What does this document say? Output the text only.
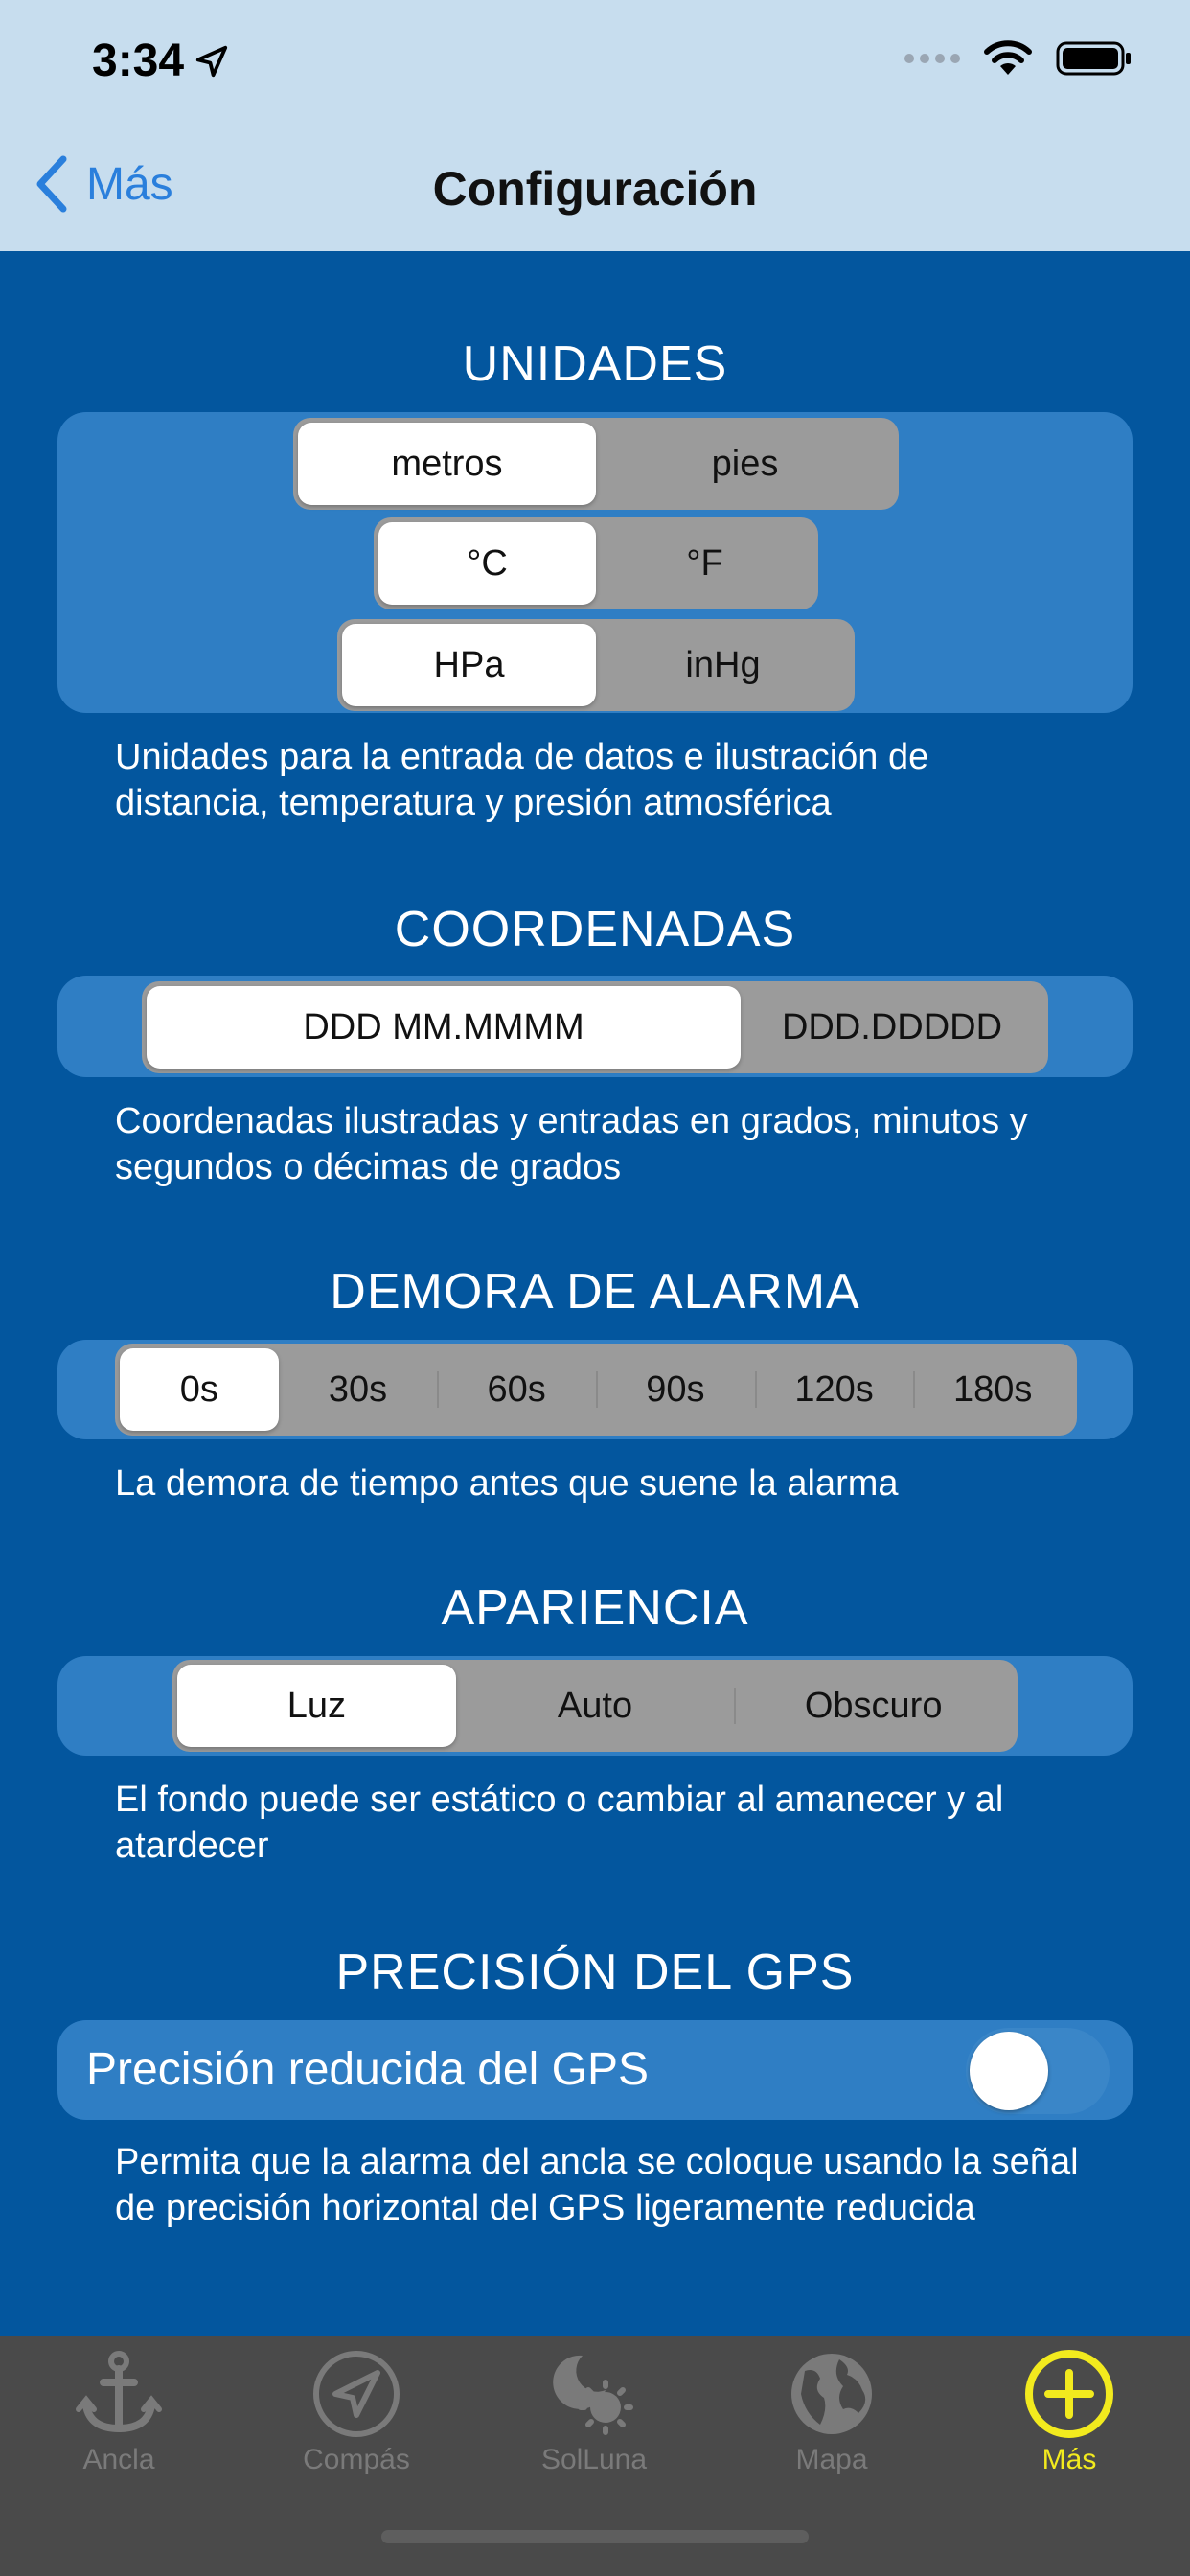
3:34
Más	Configuración
UNIDADES
metros	pies
°C	°F
HPa	inHg
Unidades para la entrada de datos e ilustración de distancia, temperatura y presión atmosférica
COORDENADAS
DDD MM.MMMM	DDD.DDDDD
Coordenadas ilustradas y entradas en grados, minutos y segundos o décimas de grados
DEMORA DE ALARMA
0s	30s	60s	90s	120s	180s
La demora de tiempo antes que suene la alarma
APARIENCIA
Luz	Auto	Obscuro
El fondo puede ser estático o cambiar al amanecer y al atardecer
PRECISIÓN DEL GPS
Precisión reducida del GPS
Permita que la alarma del ancla se coloque usando la señal de precisión horizontal del GPS ligeramente reducida
Ancla	Compás	SolLuna	Mapa	Más
